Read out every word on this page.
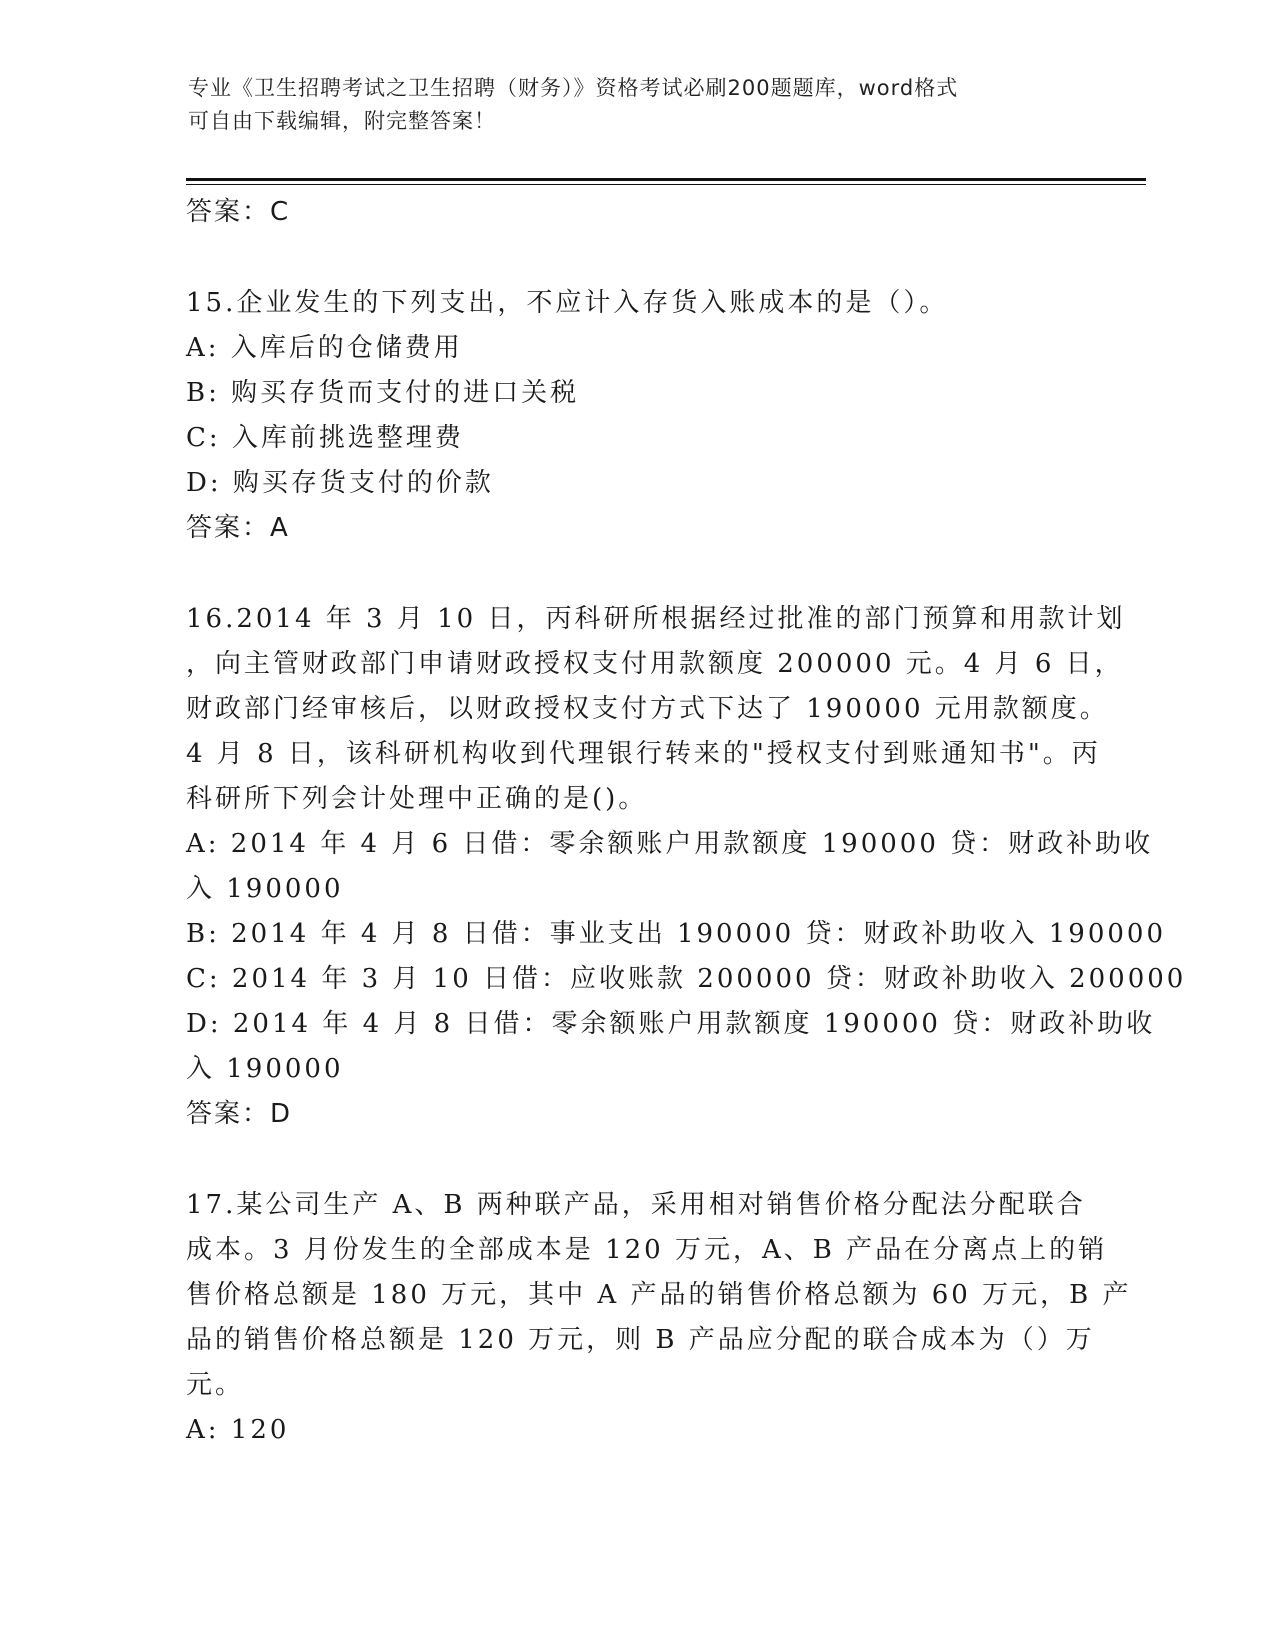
专业《卫生招聘考试之卫生招聘（财务）》资格考试必刷200题题库，word格式
可自由下载编辑，附完整答案！
答案：C
15.企业发生的下列支出，不应计入存货入账成本的是（）。
A: 入库后的仓储费用
B: 购买存货而支付的进口关税
C: 入库前挑选整理费
D: 购买存货支付的价款
答案：A
16.2014 年 3 月 10 日，丙科研所根据经过批准的部门预算和用款计划
，向主管财政部门申请财政授权支付用款额度 200000 元。4 月 6 日，
财政部门经审核后，以财政授权支付方式下达了 190000 元用款额度。
4 月 8 日，该科研机构收到代理银行转来的"授权支付到账通知书"。丙
科研所下列会计处理中正确的是()。
A: 2014 年 4 月 6 日借：零余额账户用款额度 190000 贷：财政补助收
入 190000
B: 2014 年 4 月 8 日借：事业支出 190000 贷：财政补助收入 190000
C: 2014 年 3 月 10 日借：应收账款 200000 贷：财政补助收入 200000
D: 2014 年 4 月 8 日借：零余额账户用款额度 190000 贷：财政补助收
入 190000
答案：D
17.某公司生产 A、B 两种联产品，采用相对销售价格分配法分配联合
成本。3 月份发生的全部成本是 120 万元，A、B 产品在分离点上的销
售价格总额是 180 万元，其中 A 产品的销售价格总额为 60 万元，B 产
品的销售价格总额是 120 万元，则 B 产品应分配的联合成本为（）万
元。
A: 120
